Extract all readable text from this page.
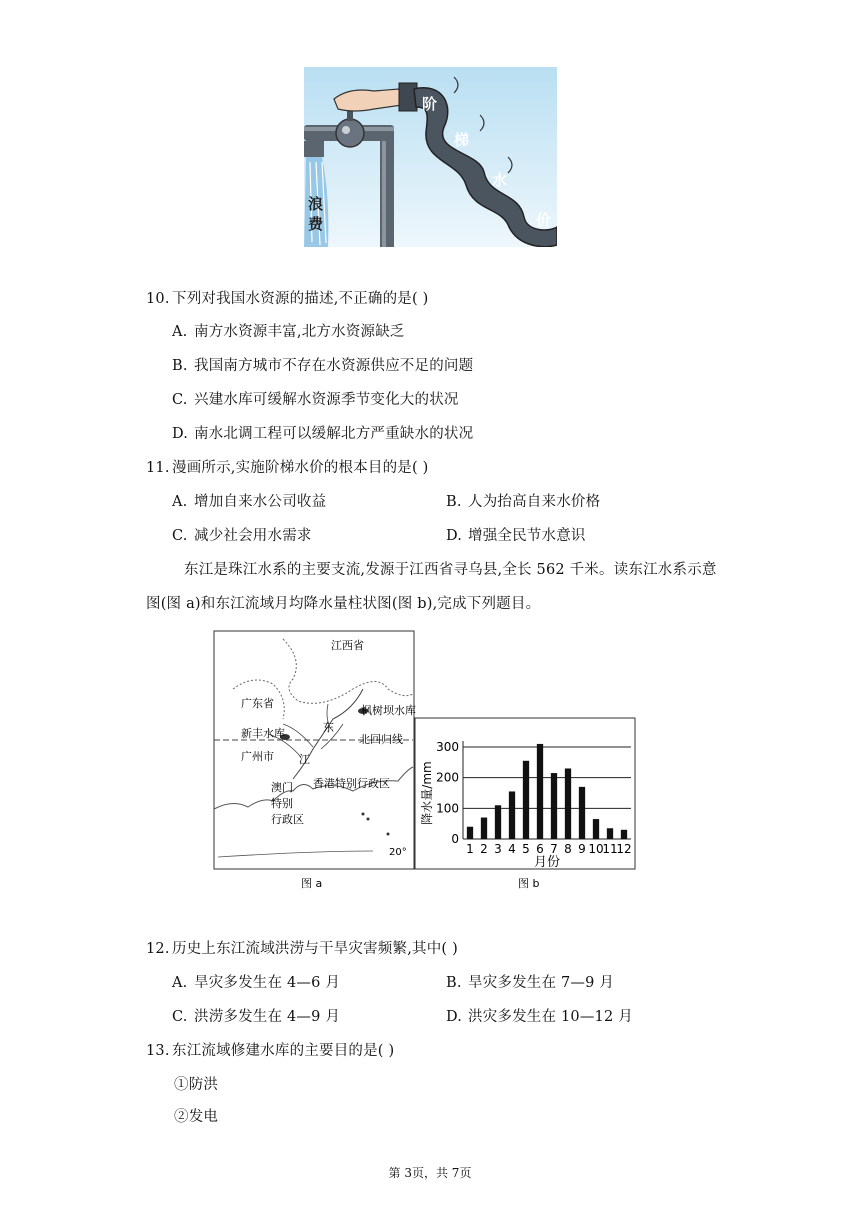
阶
梯
水
价
浪
费
10. 下列对我国水资源的描述,不正确的是( )
A. 南方水资源丰富,北方水资源缺乏
B. 我国南方城市不存在水资源供应不足的问题
C. 兴建水库可缓解水资源季节变化大的状况
D. 南水北调工程可以缓解北方严重缺水的状况
11. 漫画所示,实施阶梯水价的根本目的是( )
A. 增加自来水公司收益	B. 人为抬高自来水价格
C. 减少社会用水需求	D. 增强全民节水意识
东江是珠江水系的主要支流,发源于江西省寻乌县,全长 562 千米。读东江水系示意
图(图 a)和东江流域月均降水量柱状图(图 b),完成下列题目。
江西省
广东省
枫树坝水库
新丰水库	东
江
北回归线
广州市
香港特别行政区
澳门
特别
行政区
20°
0
100
200
300
1 2 3 4 5 6 7 8 9 10
11
12
月份
降水量/mm
图 a	图 b
12. 历史上东江流域洪涝与干旱灾害频繁,其中( )
A. 旱灾多发生在 4—6 月	B. 旱灾多发生在 7—9 月
C. 洪涝多发生在 4—9 月	D. 洪灾多发生在 10—12 月
13. 东江流域修建水库的主要目的是( )
①防洪
②发电
第 3页，共 7页
